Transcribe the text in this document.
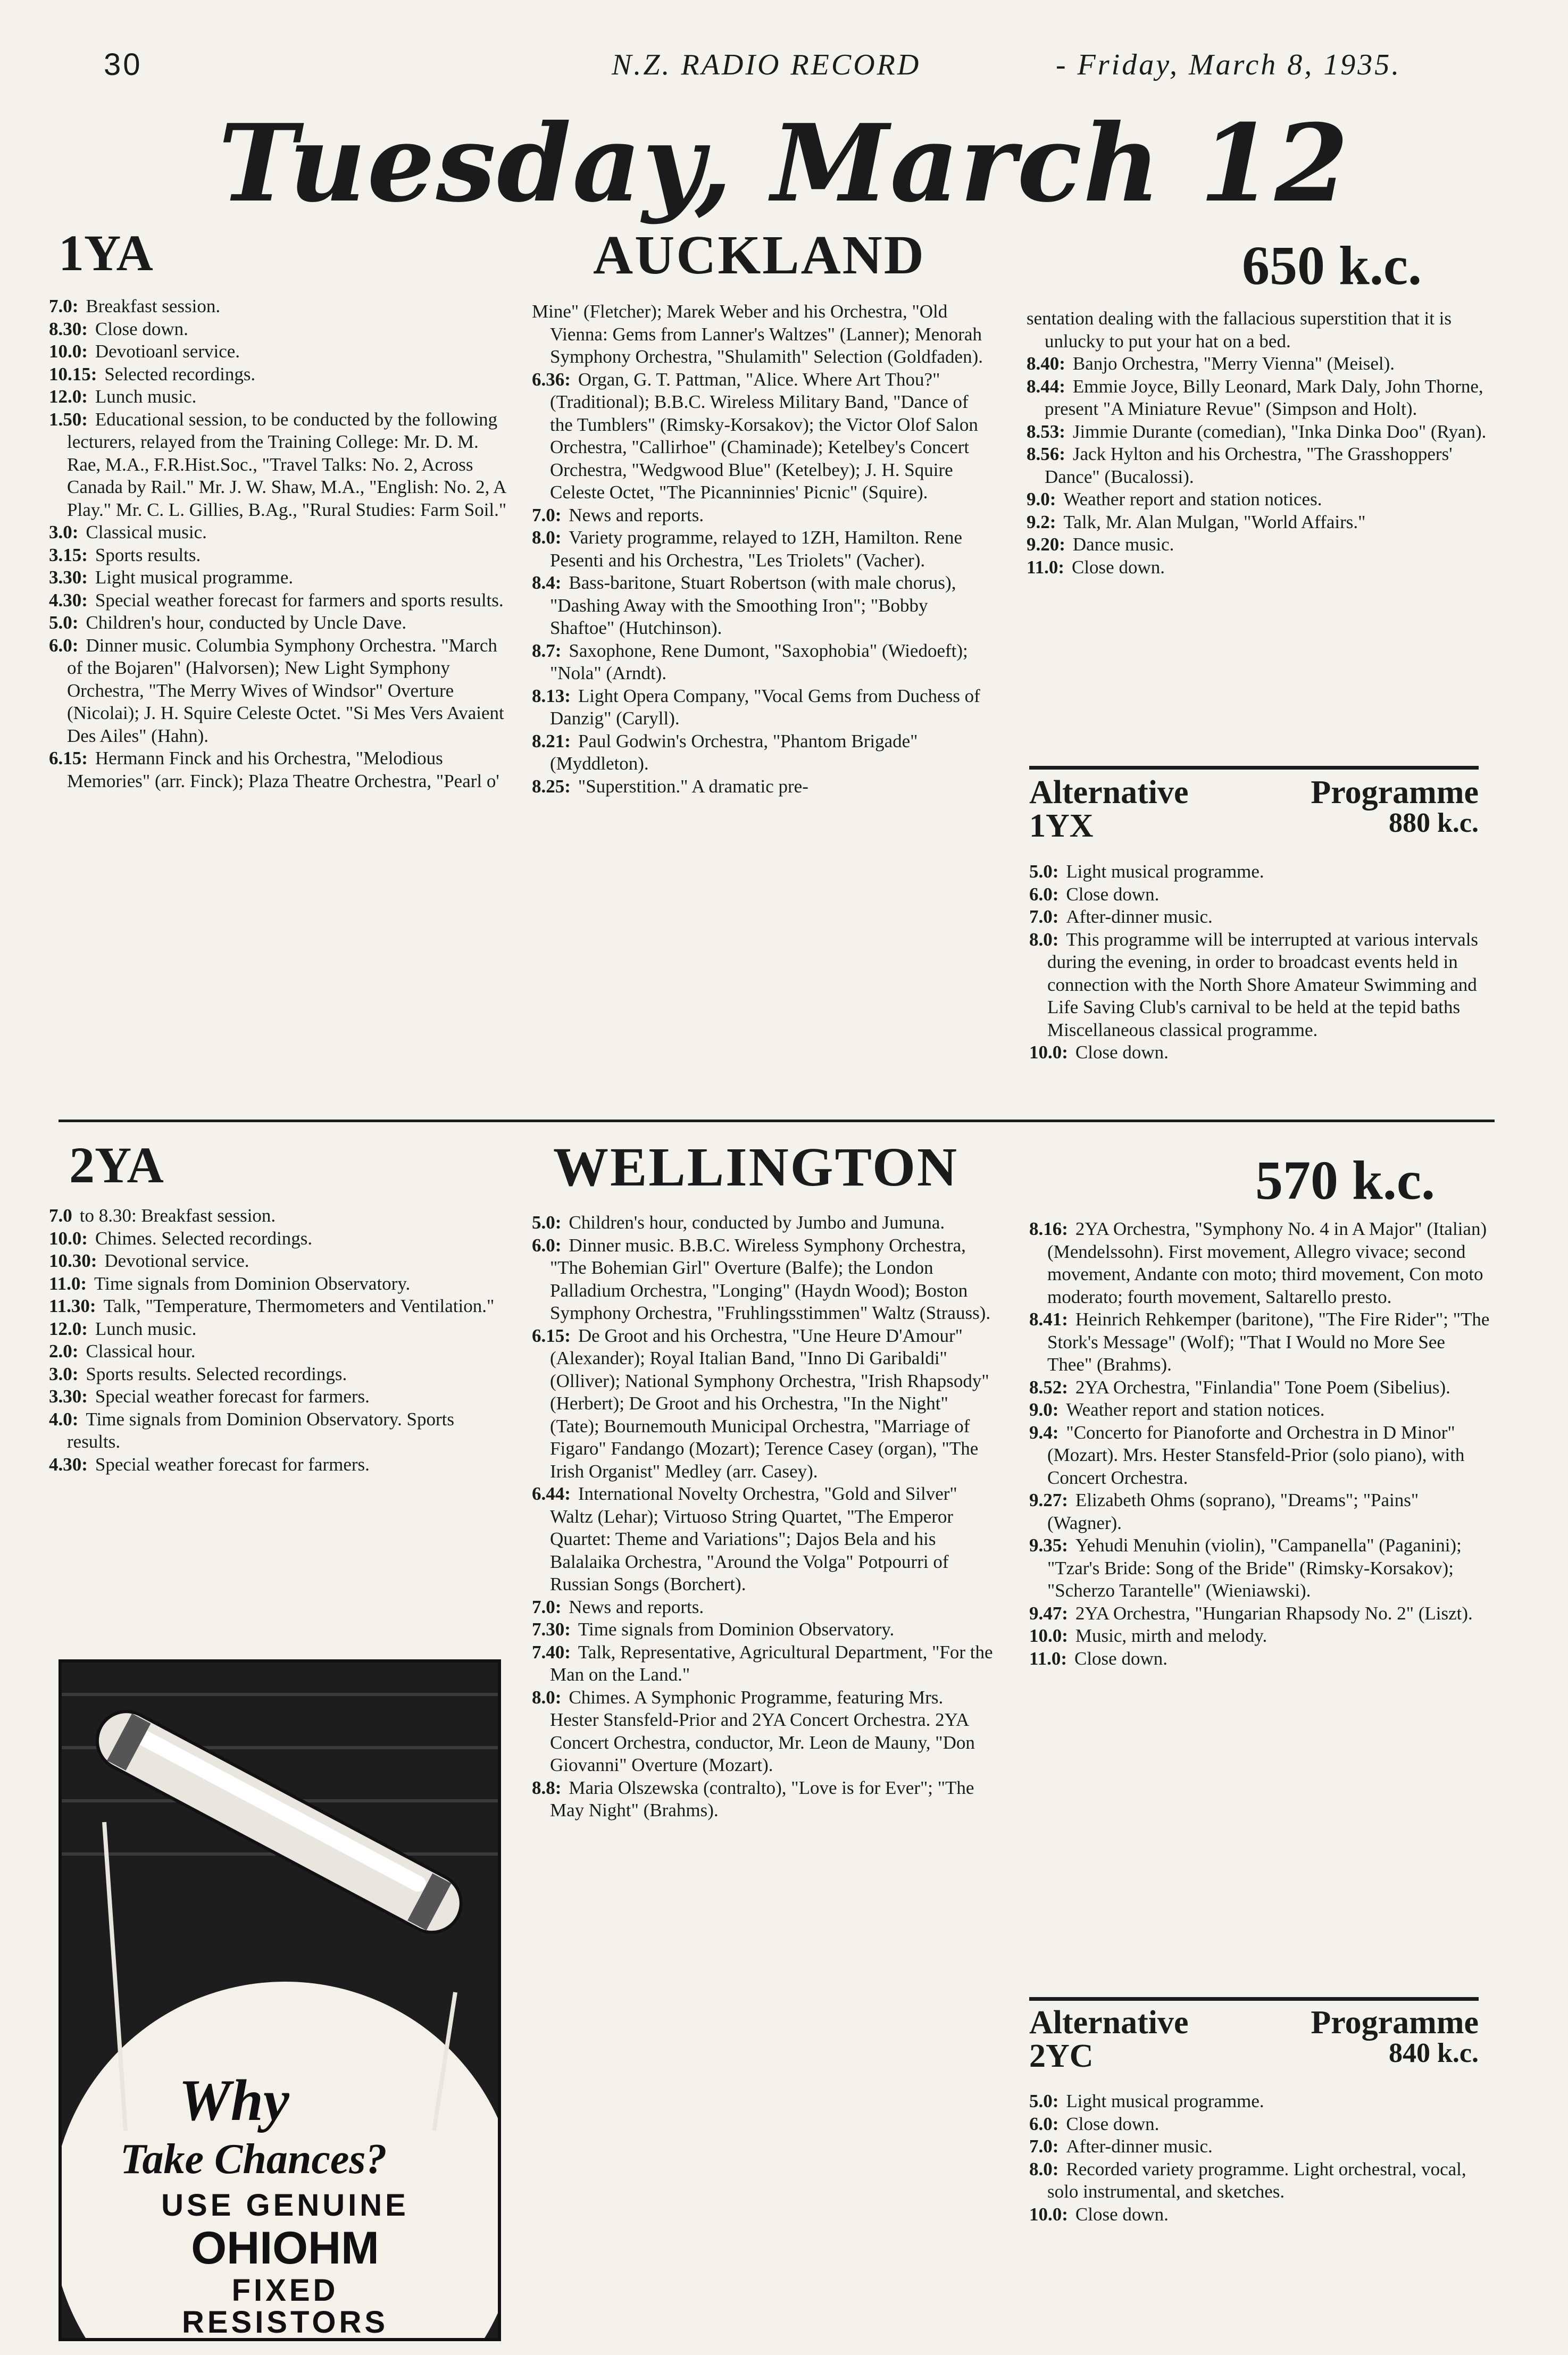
30	N.Z. RADIO RECORD	- Friday, March 8, 1935.
Tuesday, March 12
1YA	AUCKLAND	650 k.c.

7.0: Breakfast session.

8.30: Close down.

10.0: Devotioanl service.

10.15: Selected recordings.

12.0: Lunch music.

1.50: Educational session, to be conducted by the following lecturers, relayed from the Training College: Mr. D. M. Rae, M.A., F.R.Hist.Soc., "Travel Talks: No. 2, Across Canada by Rail." Mr. J. W. Shaw, M.A., "English: No. 2, A Play." Mr. C. L. Gillies, B.Ag., "Rural Studies: Farm Soil."

3.0: Classical music.

3.15: Sports results.

3.30: Light musical programme.

4.30: Special weather forecast for farmers and sports results.

5.0: Children's hour, conducted by Uncle Dave.

6.0: Dinner music. Columbia Symphony Orchestra. "March of the Bojaren" (Halvorsen); New Light Symphony Orchestra, "The Merry Wives of Windsor" Overture (Nicolai); J. H. Squire Celeste Octet. "Si Mes Vers Avaient Des Ailes" (Hahn).

6.15: Hermann Finck and his Orchestra, "Melodious Memories" (arr. Finck); Plaza Theatre Orchestra, "Pearl o'

Mine" (Fletcher); Marek Weber and his Orchestra, "Old Vienna: Gems from Lanner's Waltzes" (Lanner); Menorah Symphony Orchestra, "Shulamith" Selection (Goldfaden).

6.36: Organ, G. T. Pattman, "Alice. Where Art Thou?" (Traditional); B.B.C. Wireless Military Band, "Dance of the Tumblers" (Rimsky-Korsakov); the Victor Olof Salon Orchestra, "Callirhoe" (Chaminade); Ketelbey's Concert Orchestra, "Wedgwood Blue" (Ketelbey); J. H. Squire Celeste Octet, "The Picanninnies' Picnic" (Squire).

7.0: News and reports.

8.0: Variety programme, relayed to 1ZH, Hamilton. Rene Pesenti and his Orchestra, "Les Triolets" (Vacher).

8.4: Bass-baritone, Stuart Robertson (with male chorus), "Dashing Away with the Smoothing Iron"; "Bobby Shaftoe" (Hutchinson).

8.7: Saxophone, Rene Dumont, "Saxophobia" (Wiedoeft); "Nola" (Arndt).

8.13: Light Opera Company, "Vocal Gems from Duchess of Danzig" (Caryll).

8.21: Paul Godwin's Orchestra, "Phantom Brigade" (Myddleton).

8.25: "Superstition." A dramatic pre-

sentation dealing with the fallacious superstition that it is unlucky to put your hat on a bed.

8.40: Banjo Orchestra, "Merry Vienna" (Meisel).

8.44: Emmie Joyce, Billy Leonard, Mark Daly, John Thorne, present "A Miniature Revue" (Simpson and Holt).

8.53: Jimmie Durante (comedian), "Inka Dinka Doo" (Ryan).

8.56: Jack Hylton and his Orchestra, "The Grasshoppers' Dance" (Bucalossi).

9.0: Weather report and station notices.

9.2: Talk, Mr. Alan Mulgan, "World Affairs."

9.20: Dance music.

11.0: Close down.

Alternative	Programme
1YX	880 k.c.

5.0: Light musical programme.

6.0: Close down.

7.0: After-dinner music.

8.0: This programme will be interrupted at various intervals during the evening, in order to broadcast events held in connection with the North Shore Amateur Swimming and Life Saving Club's carnival to be held at the tepid baths Miscellaneous classical programme.

10.0: Close down.

2YA	WELLINGTON	570 k.c.

7.0 to 8.30: Breakfast session.

10.0: Chimes. Selected recordings.

10.30: Devotional service.

11.0: Time signals from Dominion Observatory.

11.30: Talk, "Temperature, Thermometers and Ventilation."

12.0: Lunch music.

2.0: Classical hour.

3.0: Sports results. Selected recordings.

3.30: Special weather forecast for farmers.

4.0: Time signals from Dominion Observatory. Sports results.

4.30: Special weather forecast for farmers.

5.0: Children's hour, conducted by Jumbo and Jumuna.

6.0: Dinner music. B.B.C. Wireless Symphony Orchestra, "The Bohemian Girl" Overture (Balfe); the London Palladium Orchestra, "Longing" (Haydn Wood); Boston Symphony Orchestra, "Fruhlingsstimmen" Waltz (Strauss).

6.15: De Groot and his Orchestra, "Une Heure D'Amour" (Alexander); Royal Italian Band, "Inno Di Garibaldi" (Olliver); National Symphony Orchestra, "Irish Rhapsody" (Herbert); De Groot and his Orchestra, "In the Night" (Tate); Bournemouth Municipal Orchestra, "Marriage of Figaro" Fandango (Mozart); Terence Casey (organ), "The Irish Organist" Medley (arr. Casey).

6.44: International Novelty Orchestra, "Gold and Silver" Waltz (Lehar); Virtuoso String Quartet, "The Emperor Quartet: Theme and Variations"; Dajos Bela and his Balalaika Orchestra, "Around the Volga" Potpourri of Russian Songs (Borchert).

7.0: News and reports.

7.30: Time signals from Dominion Observatory.

7.40: Talk, Representative, Agricultural Department, "For the Man on the Land."

8.0: Chimes. A Symphonic Programme, featuring Mrs. Hester Stansfeld-Prior and 2YA Concert Orchestra. 2YA Concert Orchestra, conductor, Mr. Leon de Mauny, "Don Giovanni" Overture (Mozart).

8.8: Maria Olszewska (contralto), "Love is for Ever"; "The May Night" (Brahms).

8.16: 2YA Orchestra, "Symphony No. 4 in A Major" (Italian) (Mendelssohn). First movement, Allegro vivace; second movement, Andante con moto; third movement, Con moto moderato; fourth movement, Saltarello presto.

8.41: Heinrich Rehkemper (baritone), "The Fire Rider"; "The Stork's Message" (Wolf); "That I Would no More See Thee" (Brahms).

8.52: 2YA Orchestra, "Finlandia" Tone Poem (Sibelius).

9.0: Weather report and station notices.

9.4: "Concerto for Pianoforte and Orchestra in D Minor" (Mozart). Mrs. Hester Stansfeld-Prior (solo piano), with Concert Orchestra.

9.27: Elizabeth Ohms (soprano), "Dreams"; "Pains" (Wagner).

9.35: Yehudi Menuhin (violin), "Campanella" (Paganini); "Tzar's Bride: Song of the Bride" (Rimsky-Korsakov); "Scherzo Tarantelle" (Wieniawski).

9.47: 2YA Orchestra, "Hungarian Rhapsody No. 2" (Liszt).

10.0: Music, mirth and melody.

11.0: Close down.

Alternative	Programme
2YC	840 k.c.

5.0: Light musical programme.

6.0: Close down.

7.0: After-dinner music.

8.0: Recorded variety programme. Light orchestral, vocal, solo instrumental, and sketches.

10.0: Close down.

Why
Take Chances?
USE GENUINE
OHIOHM
FIXED
RESISTORS
